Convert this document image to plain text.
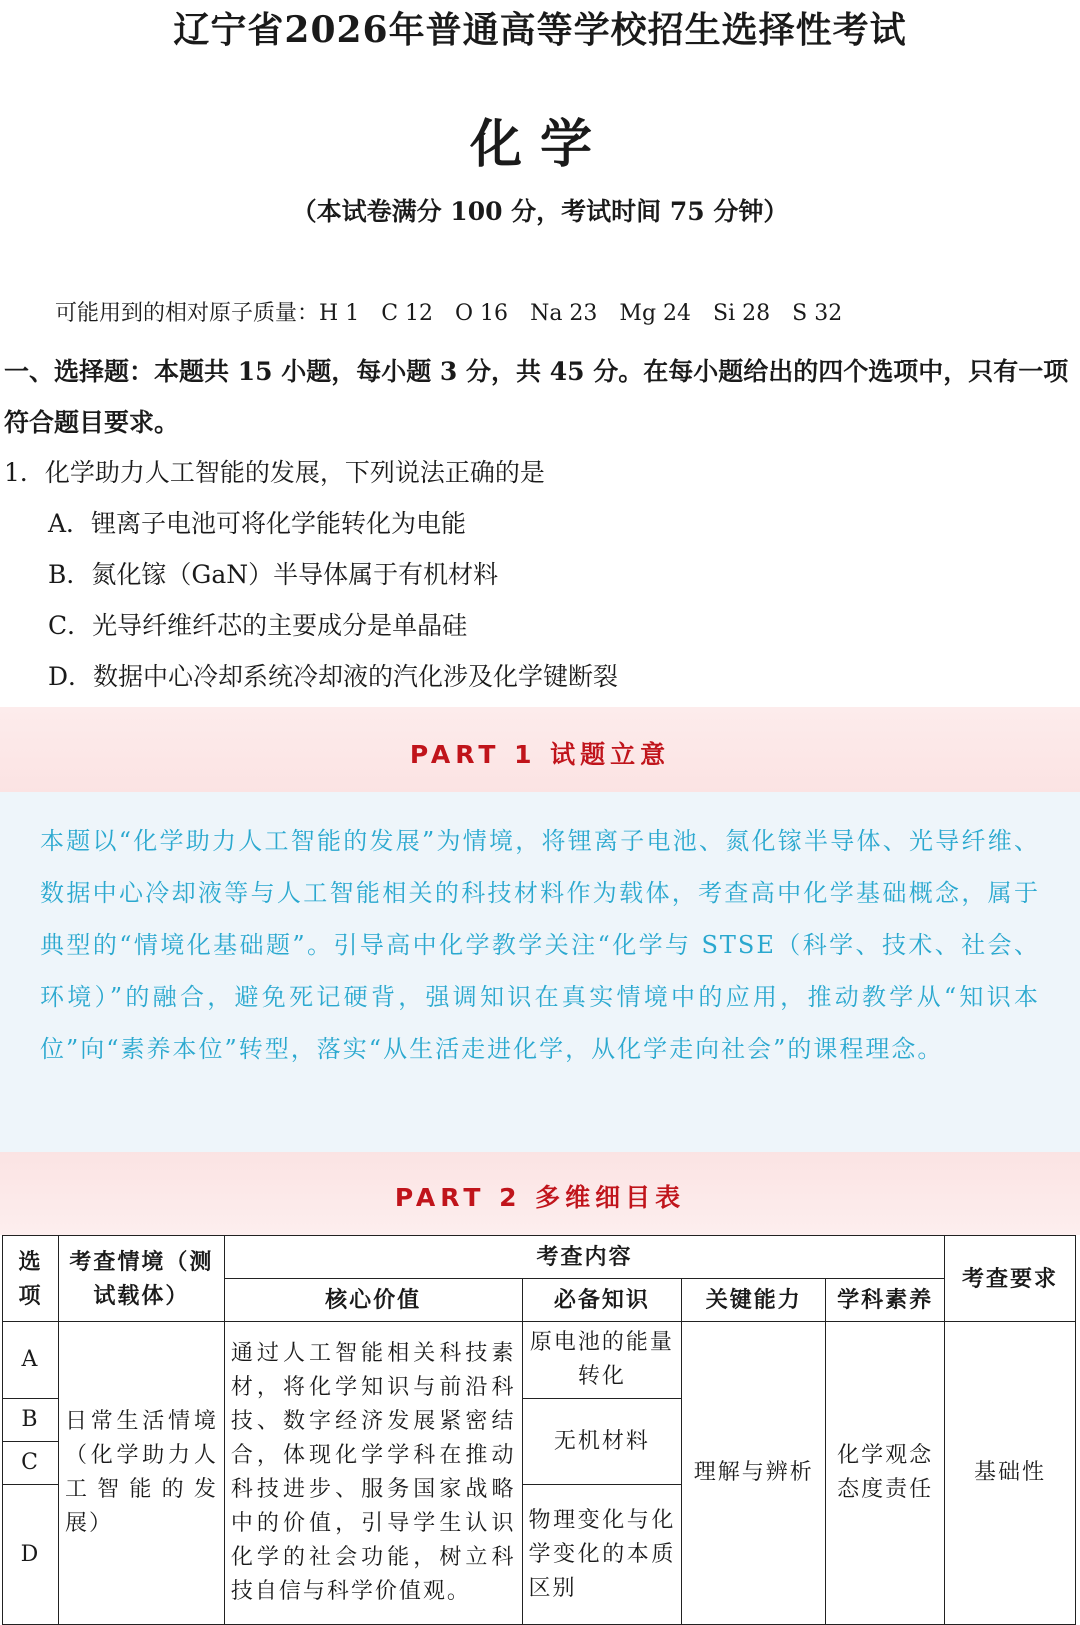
辽宁省2026年普通高等学校招生选择性考试
化学
（本试卷满分 100 分，考试时间 75 分钟）
可能用到的相对原子质量：H 1 C 12 O 16 Na 23 Mg 24 Si 28 S 32
一、选择题：本题共 15 小题，每小题 3 分，共 45 分。在每小题给出的四个选项中，只有一项符合题目要求。
1．化学助力人工智能的发展，下列说法正确的是
A．锂离子电池可将化学能转化为电能
B．氮化镓（GaN）半导体属于有机材料
C．光导纤维纤芯的主要成分是单晶硅
D．数据中心冷却系统冷却液的汽化涉及化学键断裂
PART 1 试题立意
本题以“化学助力人工智能的发展”为情境，将锂离子电池、氮化镓半导体、光导纤维、数据中心冷却液等与人工智能相关的科技材料作为载体，考查高中化学基础概念，属于典型的“情境化基础题”。引导高中化学教学关注“化学与 STSE（科学、技术、社会、环境）”的融合，避免死记硬背，强调知识在真实情境中的应用，推动教学从“知识本位”向“素养本位”转型，落实“从生活走进化学，从化学走向社会”的课程理念。
PART 2 多维细目表
选项	考查情境（测试载体）	考查内容				考查要求
		核心价值	必备知识	关键能力	学科素养	
A	日常生活情境（化学助力人工智能的发展）	通过人工智能相关科技素材，将化学知识与前沿科技、数字经济发展紧密结合，体现化学学科在推动科技进步、服务国家战略中的价值，引导学生认识化学的社会功能，树立科技自信与科学价值观。	原电池的能量转化	理解与辨析	化学观念态度责任	基础性
B			无机材料			
C						
D			物理变化与化学变化的本质区别			
